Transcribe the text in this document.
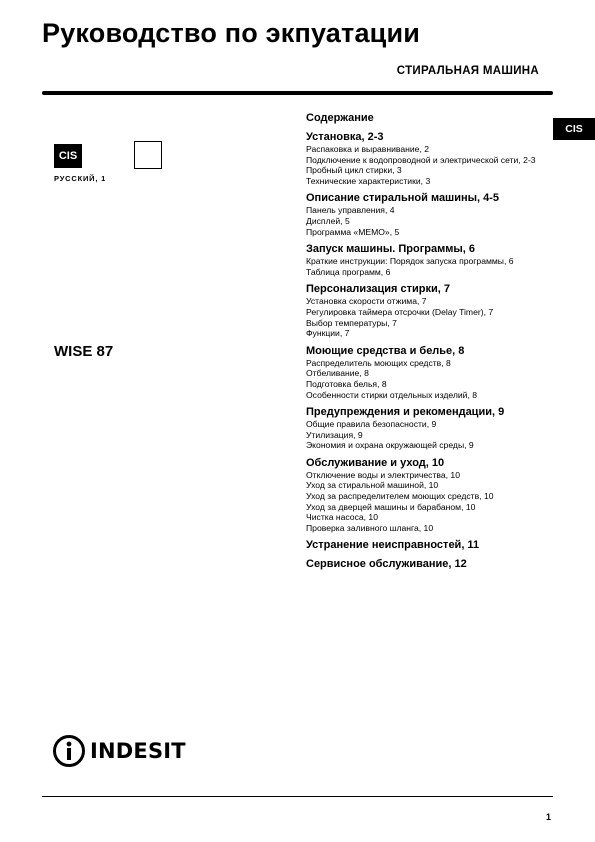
Руководство по экпуатации
СТИРАЛЬНАЯ МАШИНА
CIS
РУССКИЙ, 1
CIS
WISE 87
Содержание
Установка, 2-3
Распаковка и выравнивание, 2
Подключение к водопроводной и электрической сети, 2-3
Пробный цикл стирки, 3
Технические характеристики, 3
Описание стиральной машины, 4-5
Панель управления, 4
Дисплей, 5
Программа «MEMO», 5
Запуск машины. Программы, 6
Краткие инструкции: Порядок запуска программы, 6
Таблица программ, 6
Персонализация стирки, 7
Установка скорости отжима, 7
Регулировка таймера отсрочки (Delay Timer), 7
Выбор температуры, 7
Функции, 7
Моющие средства и белье, 8
Распределитель моющих средств, 8
Отбеливание, 8
Подготовка белья, 8
Особенности стирки отдельных изделий, 8
Предупреждения и рекомендации, 9
Общие правила безопасности, 9
Утилизация, 9
Экономия и охрана окружающей среды, 9
Обслуживание и уход, 10
Отключение воды и электричества, 10
Уход за стиральной машиной, 10
Уход за распределителем моющих средств, 10
Уход за дверцей машины и барабаном, 10
Чистка насоса, 10
Проверка заливного шланга, 10
Устранение неисправностей, 11
Сервисное обслуживание, 12
INDESIT
1
